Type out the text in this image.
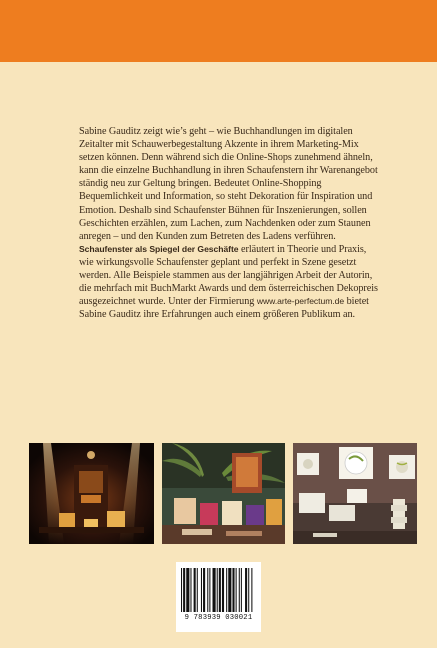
Sabine Gauditz zeigt wie’s geht – wie Buchhandlungen im digitalen Zeitalter mit Schauwerbegestaltung Akzente in ihrem Marketing-Mix setzen können. Denn während sich die Online-Shops zunehmend ähneln, kann die einzelne Buchhandlung in ihren Schaufenstern ihr Warenangebot ständig neu zur Geltung bringen. Bedeutet Online-Shopping Bequemlichkeit und Information, so steht Dekoration für Inspiration und Emotion. Deshalb sind Schaufenster Bühnen für Inszenierungen, sollen Geschichten erzählen, zum Lachen, zum Nachdenken oder zum Staunen anregen – und den Kunden zum Betreten des Ladens verführen.

Schaufenster als Spiegel der Geschäfte erläutert in Theorie und Praxis, wie wirkungsvolle Schaufenster geplant und perfekt in Szene gesetzt werden. Alle Beispiele stammen aus der langjährigen Arbeit der Autorin, die mehrfach mit BuchMarkt Awards und dem österreichischen Dekopreis ausgezeichnet wurde. Unter der Firmierung www.arte-perfectum.de bietet Sabine Gauditz ihre Erfahrungen auch einem größeren Publikum an.

9 783939 030021
